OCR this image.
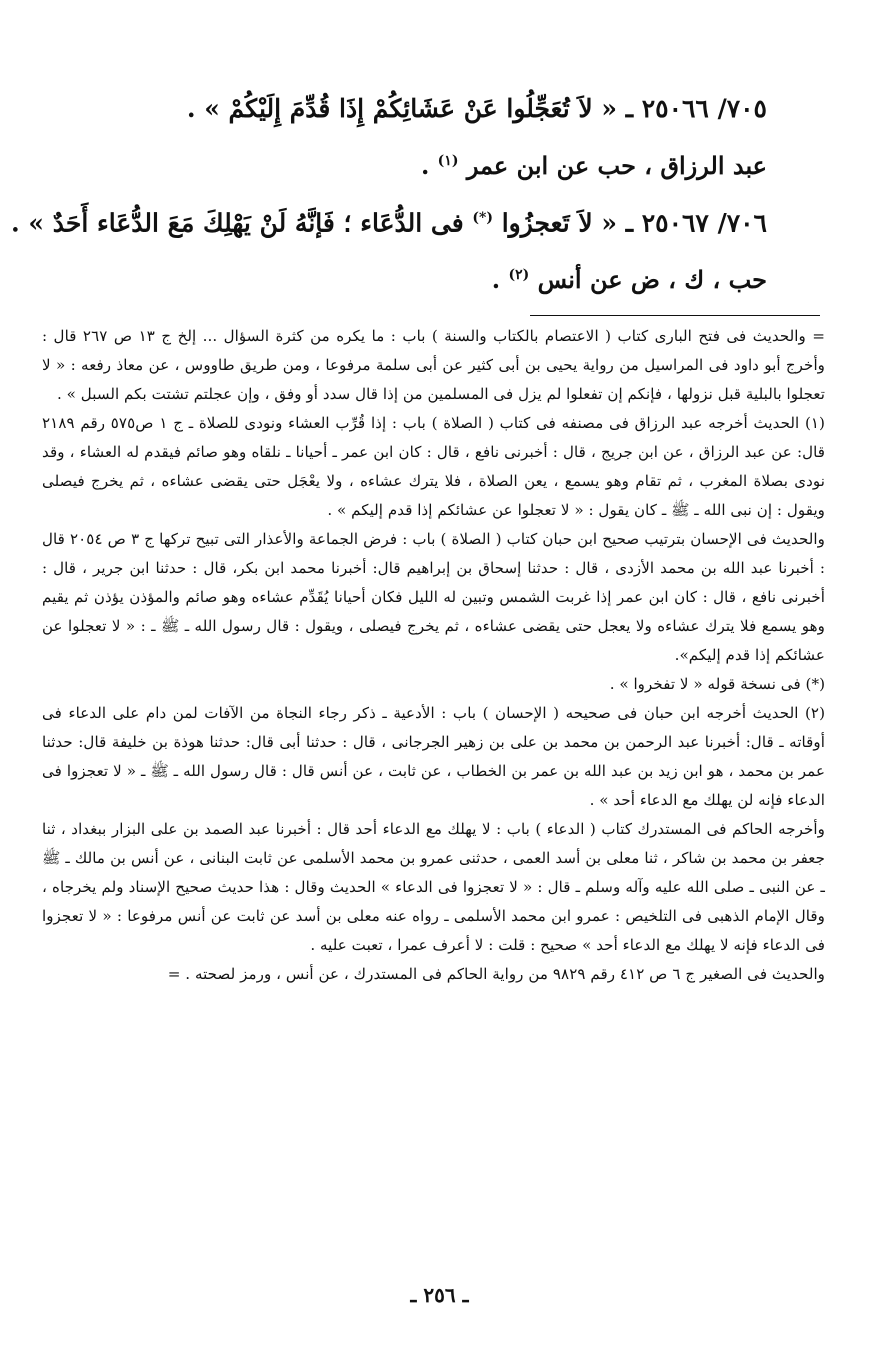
٧٠٥/ ٢٥٠٦٦ ـ « لاَ تُعَجِّلُوا عَنْ عَشَائِكُمْ إِذَا قُدِّمَ إِلَيْكُمْ » .
عبد الرزاق ، حب عن ابن عمر $^{(١)}$ .
٧٠٦/ ٢٥٠٦٧ ـ « لاَ تَعجزُوا (*) فى الدُّعَاء ؛ فَإنَّهُ لَنْ يَهْلِكَ مَعَ الدُّعَاء أَحَدٌ » .
حب ، ك ، ض عن أنس $^{(٢)}$ .

= والحديث فى فتح البارى كتاب ( الاعتصام بالكتاب والسنة ) باب : ما يكره من كثرة السؤال ... إلخ ج ١٣ ص ٢٦٧ قال : وأخرج أبو داود فى المراسيل من رواية يحيى بن أبى كثير عن أبى سلمة مرفوعا ، ومن طريق طاووس ، عن معاذ رفعه : « لا تعجلوا بالبلية قبل نزولها ، فإنكم إن تفعلوا لم يزل فى المسلمين من إذا قال سدد أو وفق ، وإن عجلتم تشتت بكم السبل » .

(١) الحديث أخرجه عبد الرزاق فى مصنفه فى كتاب ( الصلاة ) باب : إذا قُرِّب العشاء ونودى للصلاة ـ ج ١ ص٥٧٥ رقم ٢١٨٩ قال: عن عبد الرزاق ، عن ابن جريج ، قال : أخبرنى نافع ، قال : كان ابن عمر ـ أحيانا ـ نلقاه وهو صائم فيقدم له العشاء ، وقد نودى بصلاة المغرب ، ثم تقام وهو يسمع ، يعن الصلاة ، فلا يترك عشاءه ، ولا يعْجَل حتى يقضى عشاءه ، ثم يخرج فيصلى ويقول : إن نبى الله ـ ﷺ ـ كان يقول : « لا تعجلوا عن عشائكم إذا قدم إليكم » .

والحديث فى الإحسان بترتيب صحيح ابن حبان كتاب ( الصلاة ) باب : فرض الجماعة والأعذار التى تبيح تركها ج ٣ ص ٢٠٥٤ قال : أخبرنا عبد الله بن محمد الأزدى ، قال : حدثنا إسحاق بن إبراهيم قال: أخبرنا محمد ابن بكر، قال : حدثنا ابن جرير ، قال : أخبرنى نافع ، قال : كان ابن عمر إذا غربت الشمس وتبين له الليل فكان أحيانا يُقَدِّم عشاءه وهو صائم والمؤذن يؤذن ثم يقيم وهو يسمع فلا يترك عشاءه ولا يعجل حتى يقضى عشاءه ، ثم يخرج فيصلى ، ويقول : قال رسول الله ـ ﷺ ـ : « لا تعجلوا عن عشائكم إذا قدم إليكم».

(*) فى نسخة قوله « لا تفخروا » .

(٢) الحديث أخرجه ابن حبان فى صحيحه ( الإحسان ) باب : الأدعية ـ ذكر رجاء النجاة من الآفات لمن دام على الدعاء فى أوقاته ـ قال: أخبرنا عبد الرحمن بن محمد بن على بن زهير الجرجانى ، قال : حدثنا أبى قال: حدثنا هوذة بن خليفة قال: حدثنا عمر بن محمد ، هو ابن زيد بن عبد الله بن عمر بن الخطاب ، عن ثابت ، عن أنس قال : قال رسول الله ـ ﷺ ـ « لا تعجزوا فى الدعاء فإنه لن يهلك مع الدعاء أحد » .

وأخرجه الحاكم فى المستدرك كتاب ( الدعاء ) باب : لا يهلك مع الدعاء أحد قال : أخبرنا عبد الصمد بن على البزار ببغداد ، ثنا جعفر بن محمد بن شاكر ، ثنا معلى بن أسد العمى ، حدثنى عمرو بن محمد الأسلمى عن ثابت البنانى ، عن أنس بن مالك ـ ﷺ ـ عن النبى ـ صلى الله عليه وآله وسلم ـ قال : « لا تعجزوا فى الدعاء » الحديث وقال : هذا حديث صحيح الإسناد ولم يخرجاه ، وقال الإمام الذهبى فى التلخيص : عمرو ابن محمد الأسلمى ـ رواه عنه معلى بن أسد عن ثابت عن أنس مرفوعا : « لا تعجزوا فى الدعاء فإنه لا يهلك مع الدعاء أحد » صحيح : قلت : لا أعرف عمرا ، تعبت عليه .

والحديث فى الصغير ج ٦ ص ٤١٢ رقم ٩٨٢٩ من رواية الحاكم فى المستدرك ، عن أنس ، ورمز لصحته . =

ـ ٢٥٦ ـ
